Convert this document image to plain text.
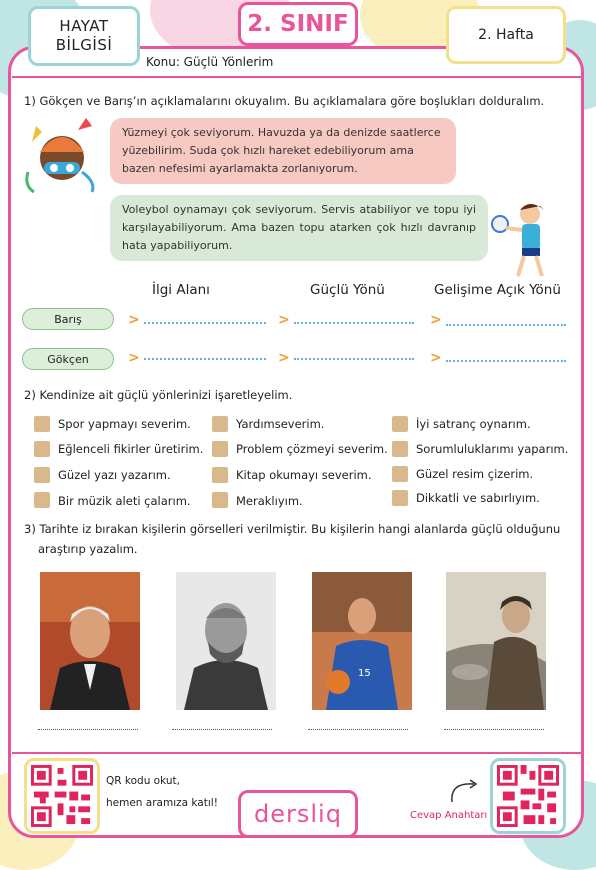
HAYAT
BİLGİSİ
2. SINIF	2. Hafta
Konu: Güçlü Yönlerim
1) Gökçen ve Barış’ın açıklamalarını okuyalım. Bu açıklamalara göre boşlukları dolduralım.
Yüzmeyi çok seviyorum. Havuzda ya da denizde saatlerce yüzebilirim. Suda çok hızlı hareket edebiliyorum ama bazen nefesimi ayarlamakta zorlanıyorum.
Voleybol oynamayı çok seviyorum. Servis atabiliyor ve topu iyi karşılayabiliyorum. Ama bazen topu atarken çok hızlı davranıp hata yapabiliyorum.
İlgi Alanı	Güçlü Yönü	Gelişime Açık Yönü
Barış	>	>	>
Gökçen	>	>	>
2) Kendinize ait güçlü yönlerinizi işaretleyelim.
Spor yapmayı severim.
Eğlenceli fikirler üretirim.
Güzel yazı yazarım.
Bir müzik aleti çalarım.
Yardımseverim.
Problem çözmeyi severim.
Kitap okumayı severim.
Meraklıyım.
İyi satranç oynarım.
Sorumluluklarımı yaparım.
Güzel resim çizerim.
Dikkatli ve sabırlıyım.
3) Tarihte iz bırakan kişilerin görselleri verilmiştir. Bu kişilerin hangi alanlarda güçlü olduğunu
araştırıp yazalım.
15
QR kodu okut,
hemen aramıza katıl!	dersliq	Cevap Anahtarı
